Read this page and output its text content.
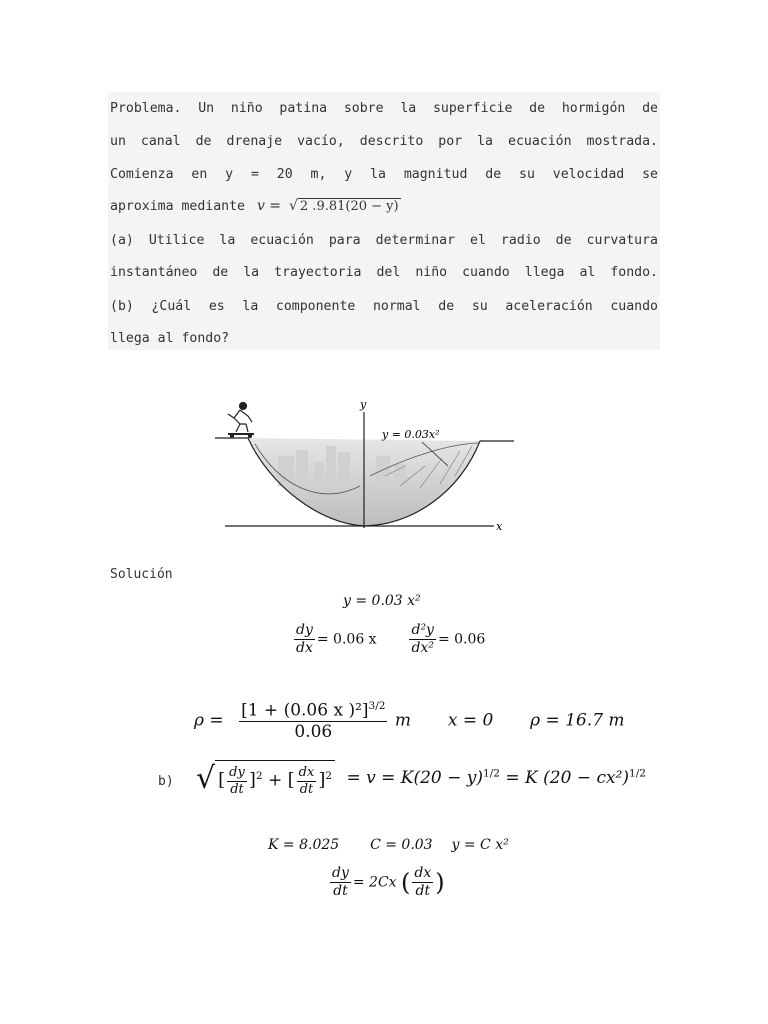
Problema. Un niño patina sobre la superficie de hormigón de
un canal de drenaje vacío, descrito por la ecuación mostrada.
Comienza en y = 20 m, y la magnitud de su velocidad se
aproxima mediante v = √ 2 .9.81(20 − y)
(a) Utilice la ecuación para determinar el radio de curvatura
instantáneo de la trayectoria del niño cuando llega al fondo.
(b) ¿Cuál es la componente normal de su aceleración cuando
llega al fondo?
y
x
y = 0.03x²
Solución
y = 0.03 x²
$\frac{dy}{dx} = 0.06$ x $\frac{\text{d²y}}{\text{dx²}} = 0.06$
$\rho = \frac{[1 + (0.06 x )^2]^{3/2}}{0.06}$ m x = 0 ρ = 16.7 m
b) √ [ $\frac{dy}{dt} ]^2$ + [ $\frac{dx}{dt} ]^2 = v = K(20 - y)^{1/2} = K$ $(20 - cx^2)^{1/2}$
K = 8.025 C = 0.03 y = C x²
$\frac{dy}{dt} = 2Cx$ ( $\frac{dx}{dt}$ )
